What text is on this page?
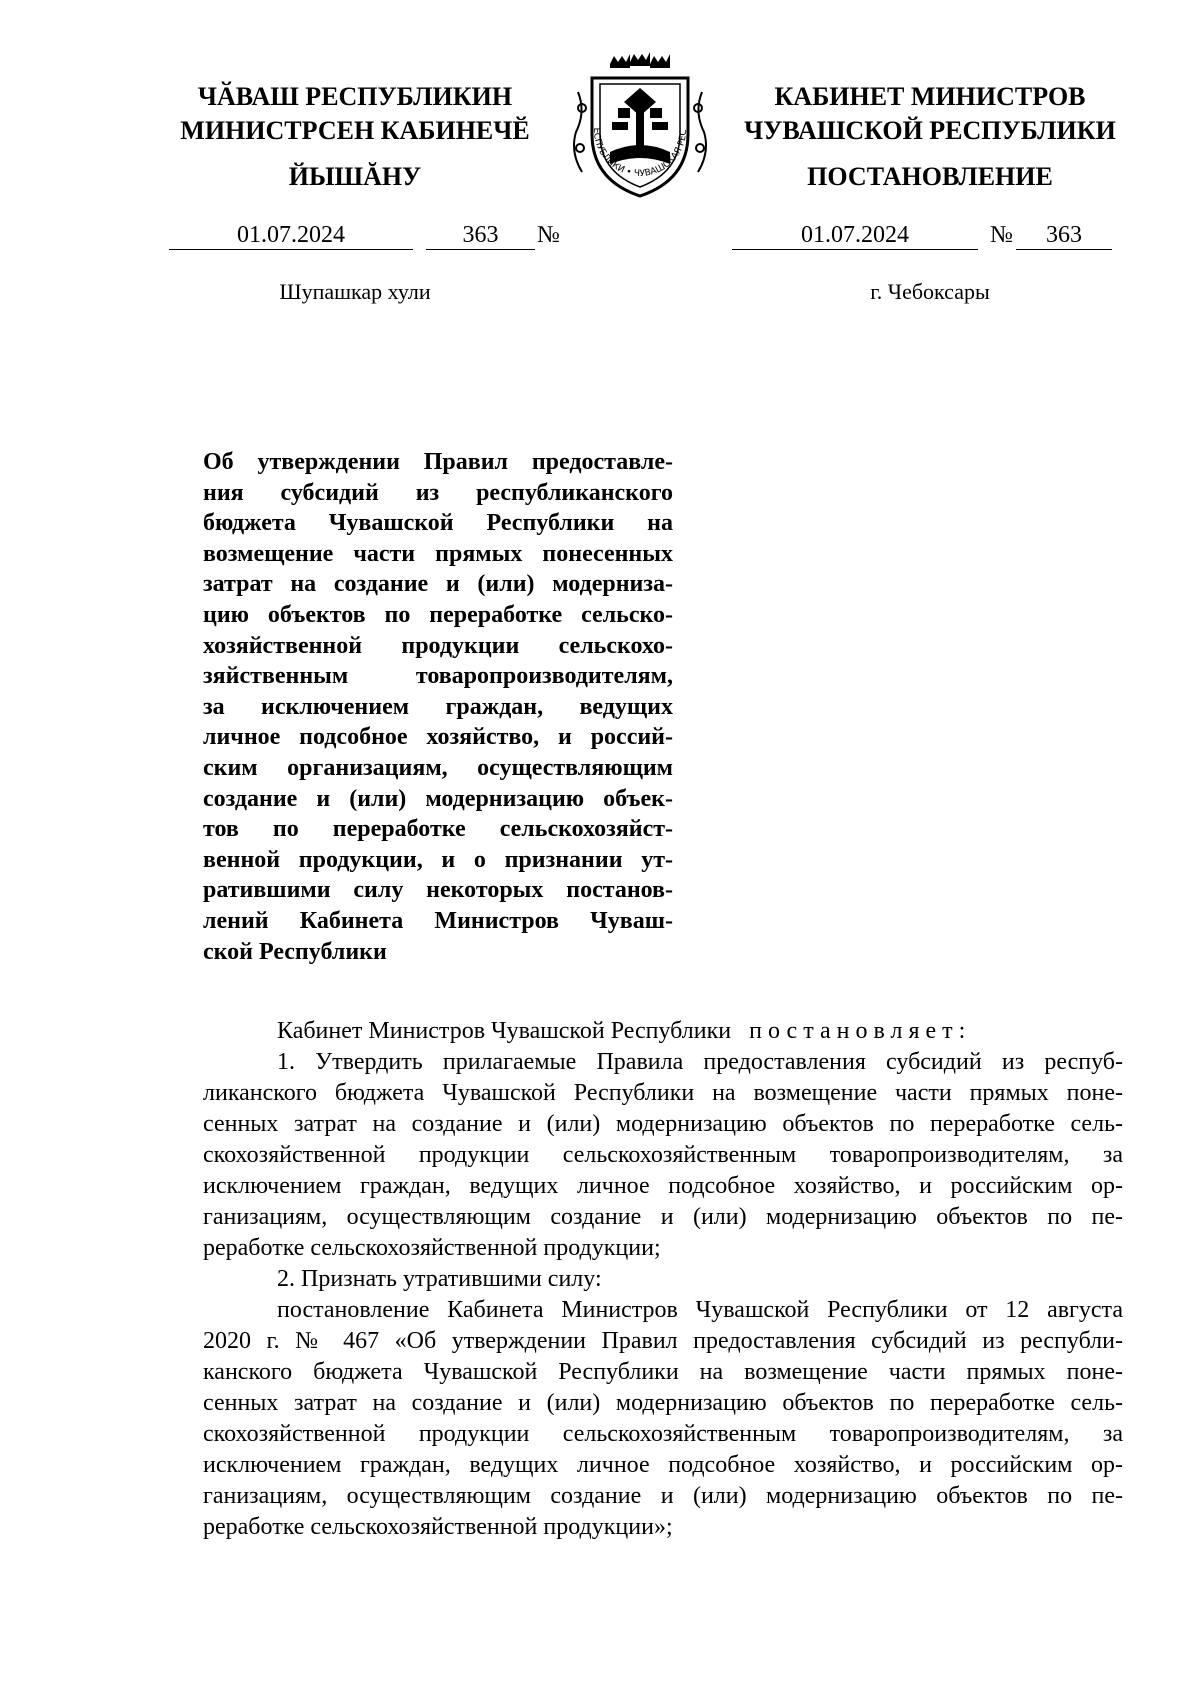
ЧӐВАШ РЕСПУБЛИКИН
МИНИСТРСЕН КАБИНЕЧӖ
ЙЫШĂНУ
КАБИНЕТ МИНИСТРОВ
ЧУВАШСКОЙ РЕСПУБЛИКИ
ПОСТАНОВЛЕНИЕ
ЕСПУБЛИКИ • ЧУВАШСКАЯ РЕС
01.07.2024	363	№	01.07.2024	№	363
Шупашкар хули	г. Чебоксары
Об утверждении Правил предоставле-
ния субсидий из республиканского
бюджета Чувашской Республики на
возмещение части прямых понесенных
затрат на создание и (или) модерниза-
цию объектов по переработке сельско-
хозяйственной продукции сельскохо-
зяйственным товаропроизводителям,
за исключением граждан, ведущих
личное подсобное хозяйство, и россий-
ским организациям, осуществляющим
создание и (или) модернизацию объек-
тов по переработке сельскохозяйст-
венной продукции, и о признании ут-
ратившими силу некоторых постанов-
лений Кабинета Министров Чуваш-
ской Республики
Кабинет Министров Чувашской Республики постановляет:
1. Утвердить прилагаемые Правила предоставления субсидий из респуб-
ликанского бюджета Чувашской Республики на возмещение части прямых поне-
сенных затрат на создание и (или) модернизацию объектов по переработке сель-
скохозяйственной продукции сельскохозяйственным товаропроизводителям, за
исключением граждан, ведущих личное подсобное хозяйство, и российским ор-
ганизациям, осуществляющим создание и (или) модернизацию объектов по пе-
реработке сельскохозяйственной продукции;
2. Признать утратившими силу:
постановление Кабинета Министров Чувашской Республики от 12 августа
2020 г. № 467 «Об утверждении Правил предоставления субсидий из республи-
канского бюджета Чувашской Республики на возмещение части прямых поне-
сенных затрат на создание и (или) модернизацию объектов по переработке сель-
скохозяйственной продукции сельскохозяйственным товаропроизводителям, за
исключением граждан, ведущих личное подсобное хозяйство, и российским ор-
ганизациям, осуществляющим создание и (или) модернизацию объектов по пе-
реработке сельскохозяйственной продукции»;
